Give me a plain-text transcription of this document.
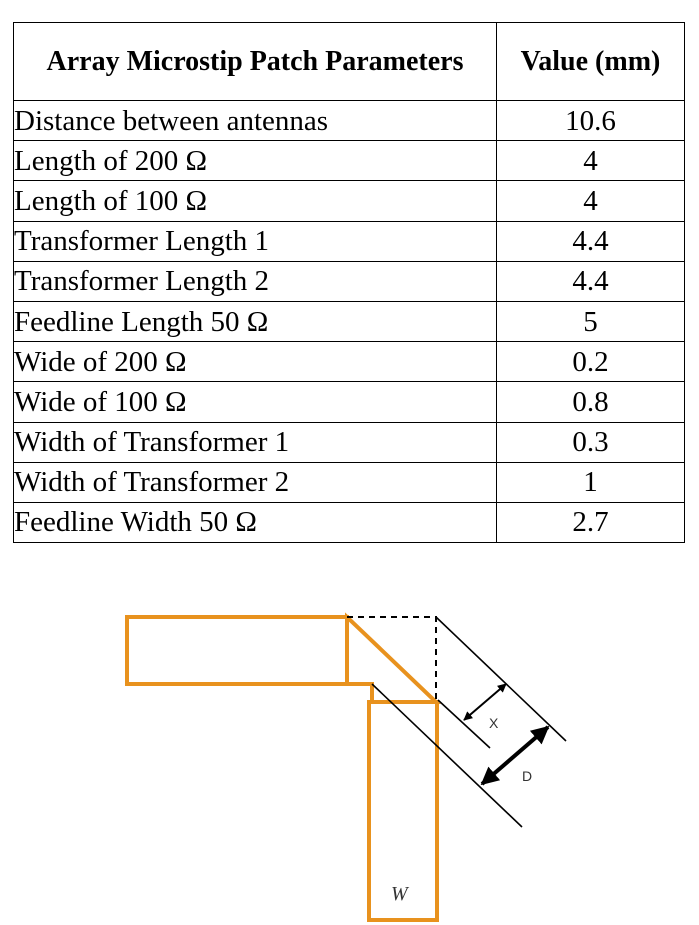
Array Microstip Patch Parameters	Value (mm)
Distance between antennas	10.6
Length of 200 Ω	4
Length of 100 Ω	4
Transformer Length 1	4.4
Transformer Length 2	4.4
Feedline Length 50 Ω	5
Wide of 200 Ω	0.2
Wide of 100 Ω	0.8
Width of Transformer 1	0.3
Width of Transformer 2	1
Feedline Width 50 Ω	2.7
X
D
W
